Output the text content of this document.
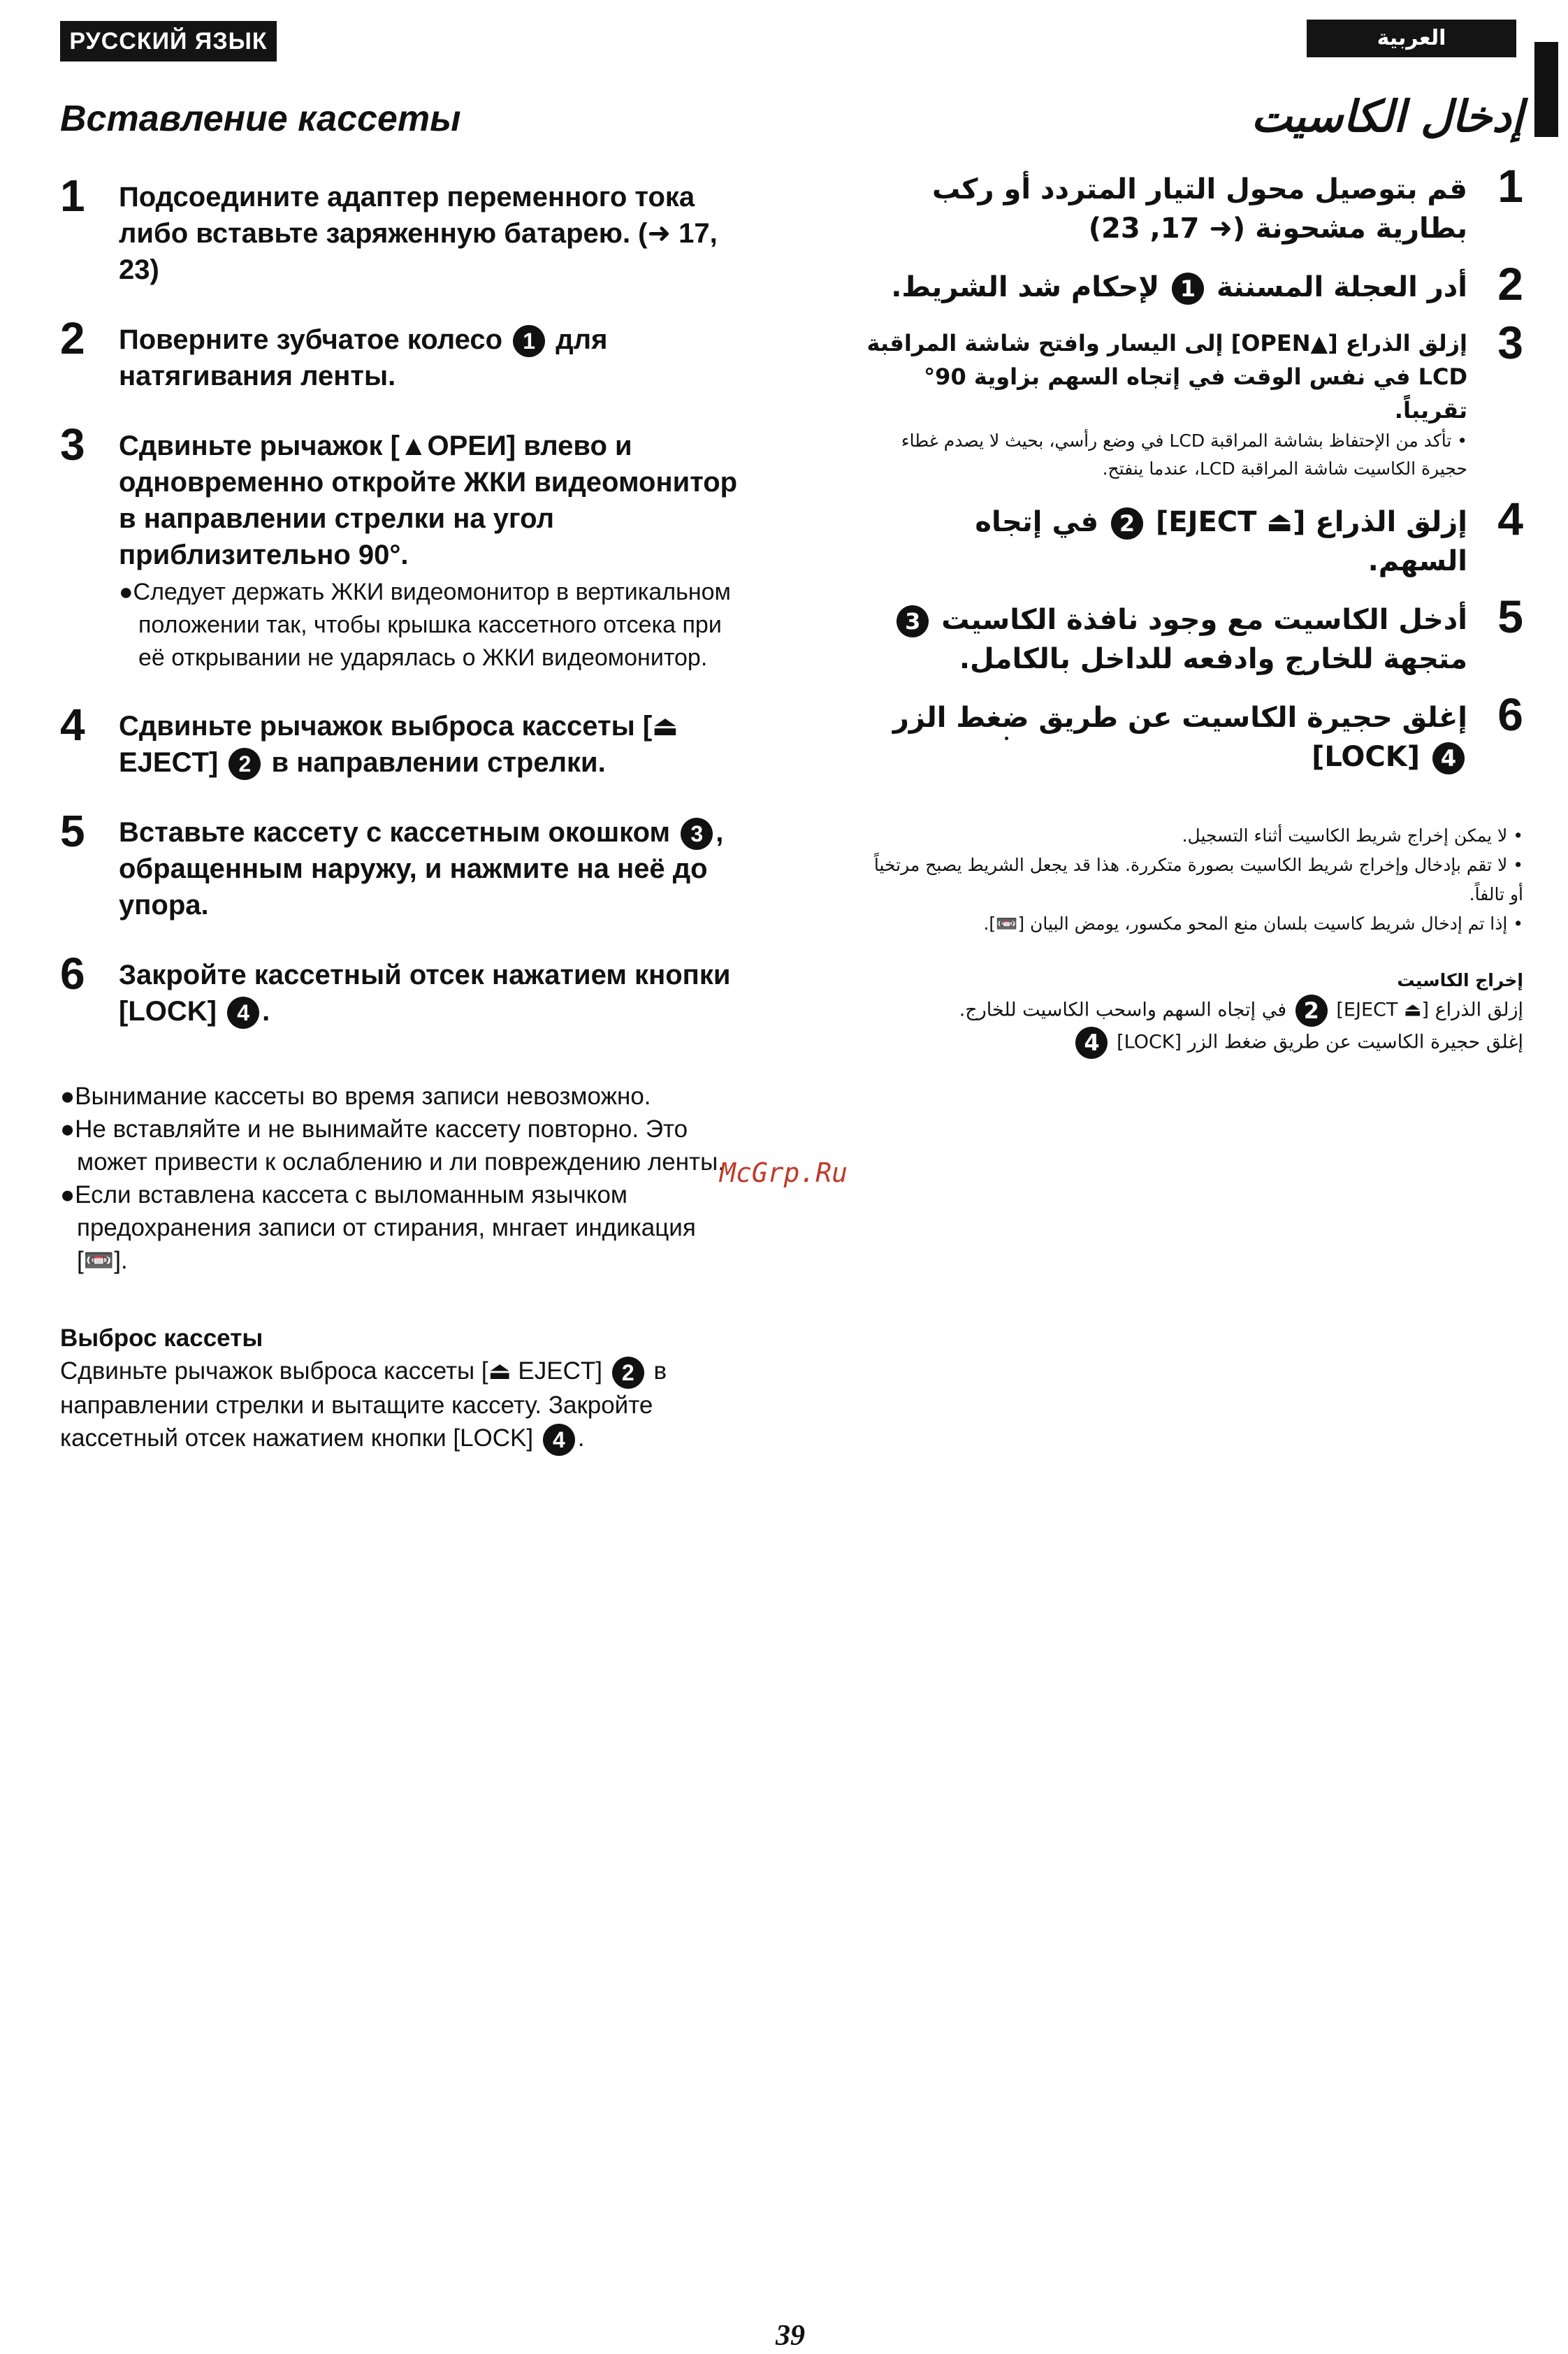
РУССКИЙ ЯЗЫК	العربية
Вставление кассеты
1 Подсоедините адаптер переменного тока либо вставьте заряженную батарею. (➜ 17, 23)
2 Поверните зубчатое колесо 1 для натягивания ленты.
3 Сдвиньте рычажок [▲OPEИ] влево и одновременно откройте ЖКИ видеомонитор в направлении стрелки на угол приблизительно 90°.
●Следует держать ЖКИ видеомонитор в вертикальном положении так, чтобы крышка кассетного отсека при её открывании не ударялась о ЖКИ видеомонитор.
4 Сдвиньте рычажок выброса кассеты [⏏ EJECT] 2 в направлении стрелки.
5 Вставьте кассету с кассетным окошком 3 , обращенным наружу, и нажмите на неё до упора.
6 Закройте кассетный отсек нажатием кнопки [LOCK] 4 .
●Вынимание кассеты во время записи невозможно.
●Не вставляйте и не вынимайте кассету повторно. Это может привести к ослаблению и ли повреждению ленты.
●Если вставлена кассета с выломанным язычком предохранения записи от стирания, мнгает индикация [📼].
Выброс кассеты
Сдвиньте рычажок выброса кассеты [⏏ EJECT] 2 в направлении стрелки и вытащите кассету. Закройте кассетный отсек нажатием кнопки [LOCK] 4 .
McGrp.Ru
إدخال الكاسيت
1
قم بتوصيل محول التيار المتردد أو ركب بطارية مشحونة (➜ 17, 23)
2
أدر العجلة المسننة 1 لإحكام شد الشريط.
3
إزلق الذراع [▲OPEN] إلى اليسار وافتح شاشة المراقبة LCD في نفس الوقت في إتجاه السهم بزاوية 90° تقريباً.
• تأكد من الإحتفاظ بشاشة المراقبة LCD في وضع رأسي، بحيث لا يصدم غطاء حجيرة الكاسيت شاشة المراقبة LCD، عندما ينفتح.
4
إزلق الذراع [⏏ EJECT] 2 في إتجاه السهم.
5
أدخل الكاسيت مع وجود نافذة الكاسيت 3 متجهة للخارج وادفعه للداخل بالكامل.
6
إغلق حجيرة الكاسيت عن طريق ضغط الزر 4 [LOCK]
• لا يمكن إخراج شريط الكاسيت أثناء التسجيل.
• لا تقم بإدخال وإخراج شريط الكاسيت بصورة متكررة. هذا قد يجعل الشريط يصبح مرتخياً أو تالفاً.
• إذا تم إدخال شريط كاسيت بلسان منع المحو مكسور، يومض البيان [📼].
إخراج الكاسيت
إزلق الذراع [⏏ EJECT] 2 في إتجاه السهم واسحب الكاسيت للخارج.
إغلق حجيرة الكاسيت عن طريق ضغط الزر [LOCK] 4
39
